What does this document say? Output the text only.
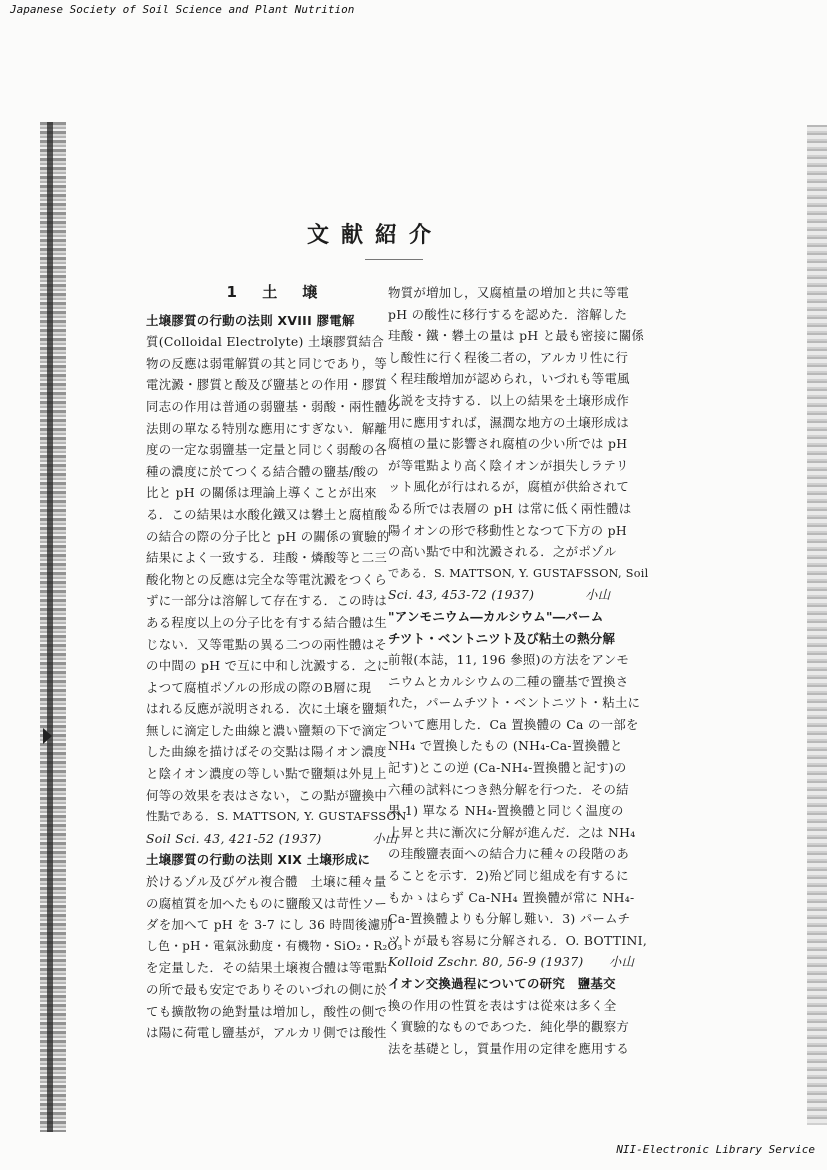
Japanese Society of Soil Science and Plant Nutrition
文献紹介
1 土 壌
土壌膠質の行動の法則 XVIII 膠電解
質(Colloidal Electrolyte) 土壌膠質結合
物の反應は弱電解質の其と同じであり，等
電沈澱・膠質と酸及び鹽基との作用・膠質
同志の作用は普通の弱鹽基・弱酸・兩性體の
法則の單なる特別な應用にすぎない．解離
度の一定な弱鹽基一定量と同じく弱酸の各
種の濃度に於てつくる結合體の鹽基/酸の
比と pH の關係は理論上導くことが出來
る．この結果は水酸化鐵又は礬土と腐植酸
の結合の際の分子比と pH の關係の實驗的
結果によく一致する．珪酸・燐酸等と二三
酸化物との反應は完全な等電沈澱をつくら
ずに一部分は溶解して存在する．この時は
ある程度以上の分子比を有する結合體は生
じない．又等電點の異る二つの兩性體はそ
の中間の pH で互に中和し沈澱する．之に
よつて腐植ポゾルの形成の際のB層に現
はれる反應が説明される．次に土壌を鹽類
無しに滴定した曲線と濃い鹽類の下で滴定
した曲線を描けばその交點は陽イオン濃度
と陰イオン濃度の等しい點で鹽類は外見上
何等の效果を表はさない，この點が鹽換中
性點である．S. MATTSON, Y. GUSTAFSSON
Soil Sci. 43, 421-52 (1937)　　　　小山
土壌膠質の行動の法則 XIX 土壌形成に
於けるゾル及びゲル複合體　土壌に種々量
の腐植質を加へたものに鹽酸又は苛性ソー
ダを加へて pH を 3-7 にし 36 時間後濾別
し色・pH・電氣泳動度・有機物・SiO₂・R₂O₃
を定量した．その結果土壌複合體は等電點
の所で最も安定でありそのいづれの側に於
ても擴散物の絶對量は増加し，酸性の側で
は陽に荷電し鹽基が，アルカリ側では酸性
物質が増加し，又腐植量の増加と共に等電
pH の酸性に移行するを認めた．溶解した
珪酸・鐵・礬土の量は pH と最も密接に關係
し酸性に行く程後二者の，アルカリ性に行
く程珪酸増加が認められ，いづれも等電風
化説を支持する．以上の結果を土壌形成作
用に應用すれば，濕潤な地方の土壌形成は
腐植の量に影響され腐植の少い所では pH
が等電點より高く陰イオンが損失しラテリ
ット風化が行はれるが，腐植が供給されて
ゐる所では表層の pH は常に低く兩性體は
陽イオンの形で移動性となつて下方の pH
の高い點で中和沈澱される．之がポゾル
である．S. MATTSON, Y. GUSTAFSSON, Soil
Sci. 43, 453-72 (1937)　　　　小山
"アンモニウム―カルシウム"―パーム
チツト・ベントニツト及び粘土の熱分解
前報(本誌，11, 196 參照)の方法をアンモ
ニウムとカルシウムの二種の鹽基で置換さ
れた，パームチツト・ベントニツト・粘土に
ついて應用した．Ca 置換體の Ca の一部を
NH₄ で置換したもの (NH₄-Ca-置換體と
記す)とこの逆 (Ca-NH₄-置換體と記す)の
六種の試料につき熱分解を行つた．その結
果 1) 單なる NH₄-置換體と同じく温度の
上昇と共に漸次に分解が進んだ．之は NH₄
の珪酸鹽表面への結合力に種々の段階のあ
ることを示す．2)殆ど同じ組成を有するに
もかゝはらず Ca-NH₄ 置換體が常に NH₄-
Ca-置換體よりも分解し難い．3) パームチ
ツトが最も容易に分解される．O. BOTTINI,
Kolloid Zschr. 80, 56-9 (1937)　　小山
イオン交換過程についての研究　鹽基交
換の作用の性質を表はすは從來は多く全
く實驗的なものであつた．純化學的觀察方
法を基礎とし，質量作用の定律を應用する
NII-Electronic Library Service
